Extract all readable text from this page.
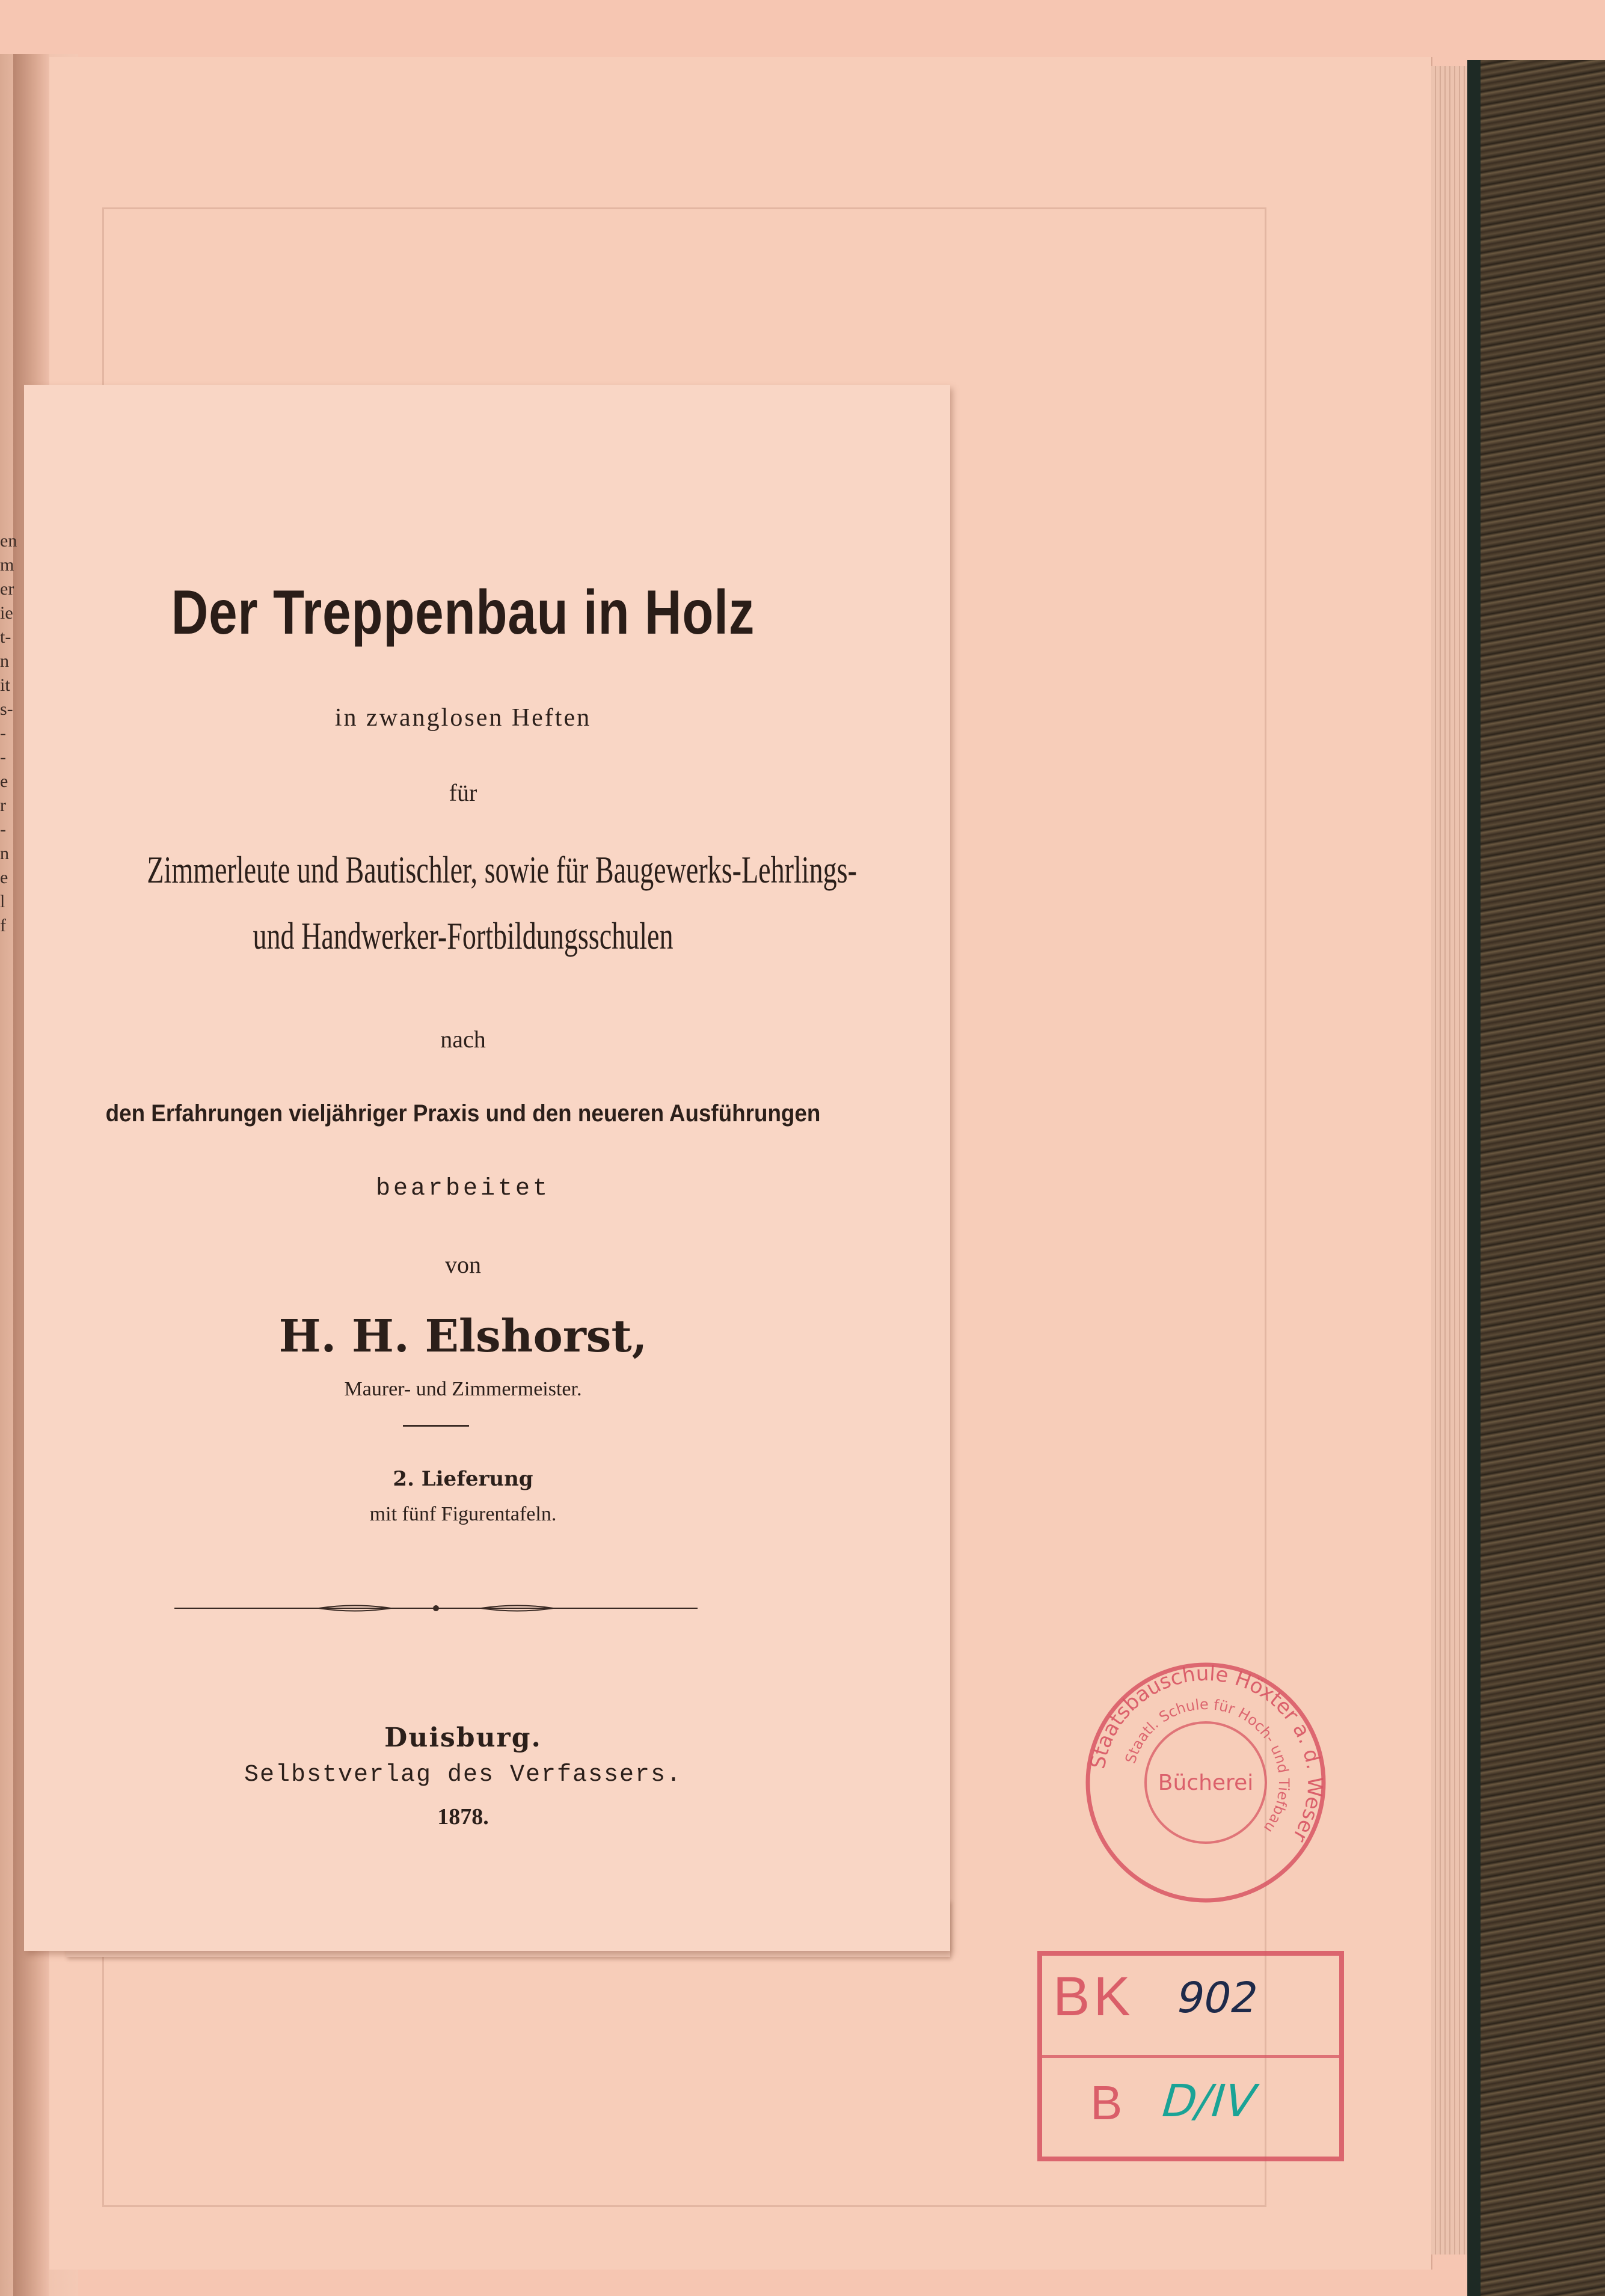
en
m
er
ie
t-
n
it
s-
-
-
e
r
-
n
e
l
f
Der Treppenbau in Holz
in zwanglosen Heften
für
Zimmerleute und Bautischler, sowie für Baugewerks-Lehrlings-
und Handwerker-Fortbildungsschulen
nach
den Erfahrungen vieljähriger Praxis und den neueren Ausführungen
bearbeitet
von
H. H. Elshorst,
Maurer- und Zimmermeister.
2. Lieferung
mit fünf Figurentafeln.
Duisburg.
Selbstverlag des Verfassers.
1878.
Staatsbauschule Höxter a. d. Weser
Staatl. Schule für Hoch- und Tiefbau
Bücherei
BK
B
902
D/IV
